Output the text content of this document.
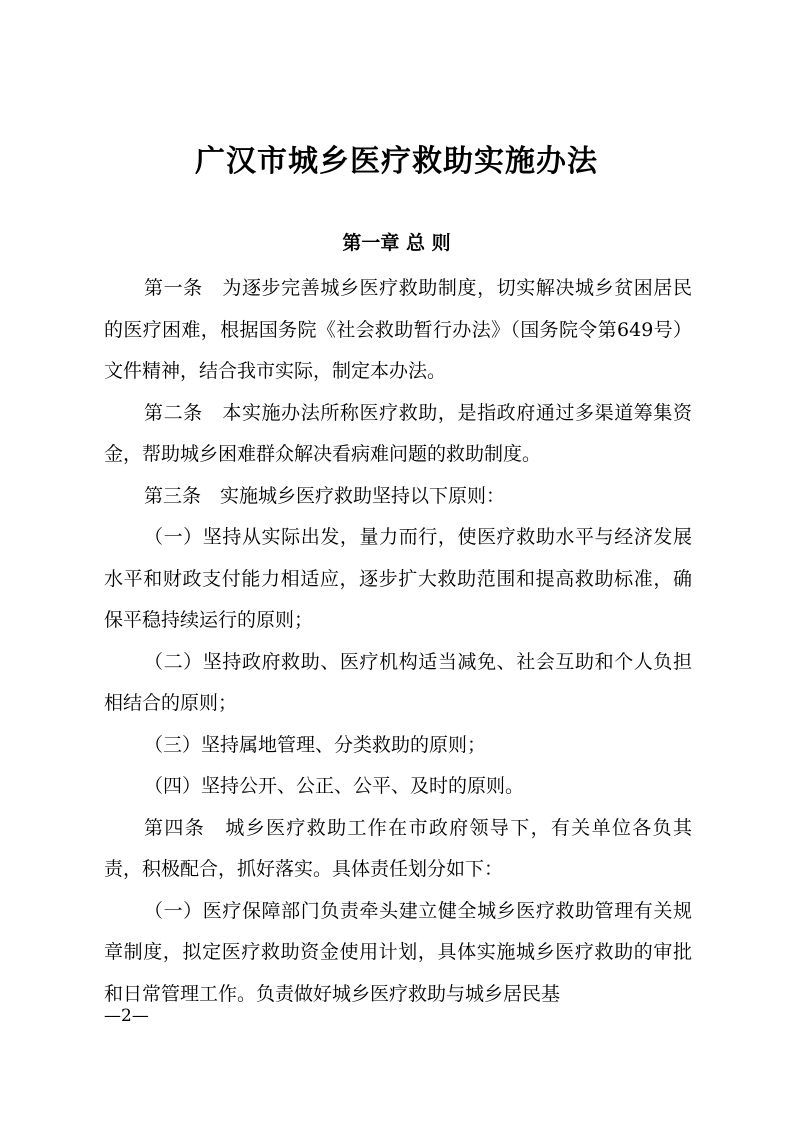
广汉市城乡医疗救助实施办法
第一章 总 则

第一条　为逐步完善城乡医疗救助制度，切实解决城乡贫困居民的医疗困难，根据国务院《社会救助暂行办法》（国务院令第649号）文件精神，结合我市实际，制定本办法。

第二条　本实施办法所称医疗救助，是指政府通过多渠道筹集资金，帮助城乡困难群众解决看病难问题的救助制度。

第三条　实施城乡医疗救助坚持以下原则：

（一）坚持从实际出发，量力而行，使医疗救助水平与经济发展水平和财政支付能力相适应，逐步扩大救助范围和提高救助标准，确保平稳持续运行的原则；

（二）坚持政府救助、医疗机构适当减免、社会互助和个人负担相结合的原则；

（三）坚持属地管理、分类救助的原则；

（四）坚持公开、公正、公平、及时的原则。

第四条　城乡医疗救助工作在市政府领导下，有关单位各负其责，积极配合，抓好落实。具体责任划分如下：

（一）医疗保障部门负责牵头建立健全城乡医疗救助管理有关规章制度，拟定医疗救助资金使用计划，具体实施城乡医疗救助的审批和日常管理工作。负责做好城乡医疗救助与城乡居民基

—2—
